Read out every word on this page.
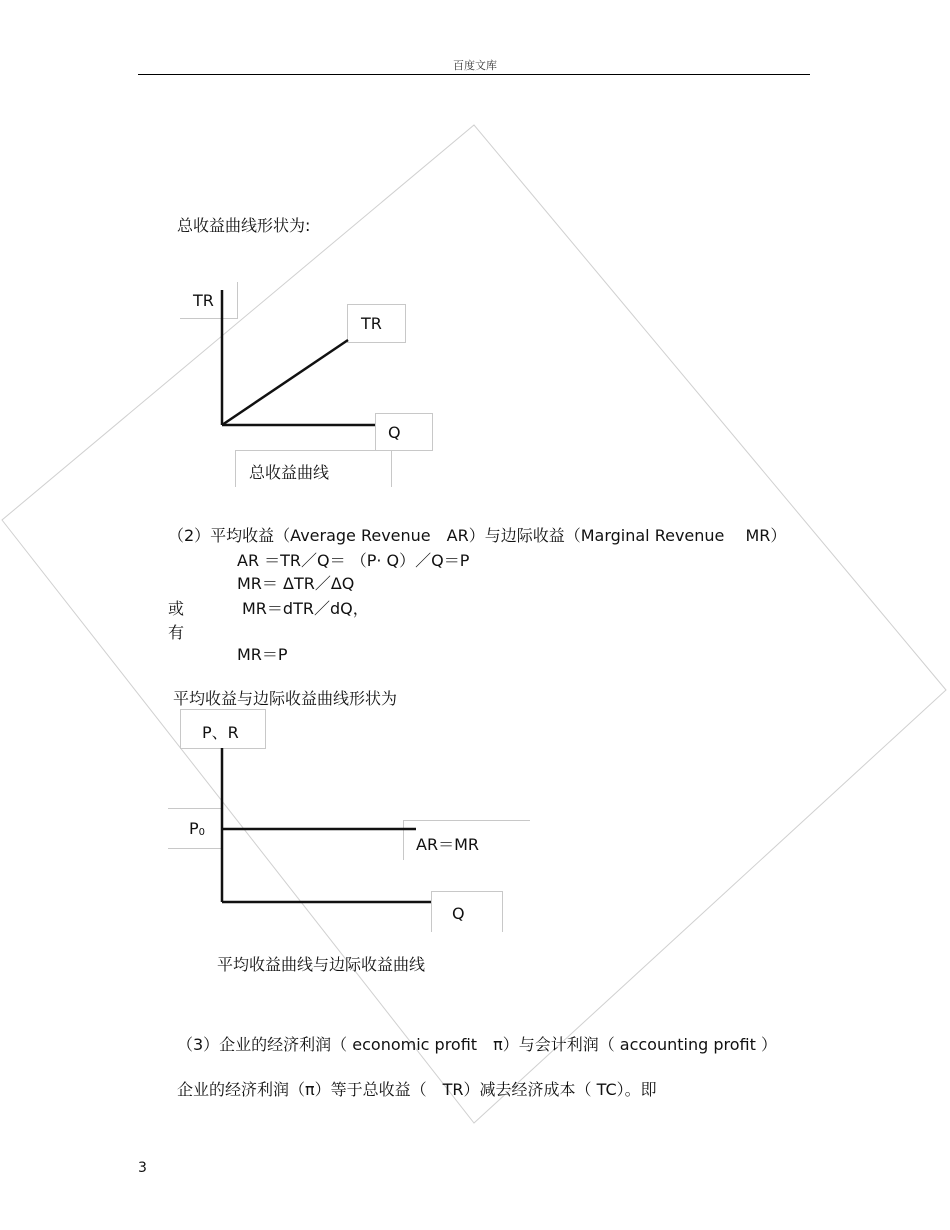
百度文库
总收益曲线形状为:
TR
TR
Q
总收益曲线
（2）平均收益（Average Revenue　AR）与边际收益（Marginal Revenue　 MR）
AR ＝TR／Q＝ （P· Q）／Q＝P
MR＝ ΔTR／ΔQ
或	MR＝dTR／dQ，
有
MR＝P
平均收益与边际收益曲线形状为
P、R
$P_0$
AR＝MR
Q
平均收益曲线与边际收益曲线
（3）企业的经济利润（ economic profit　π）与会计利润（ accounting profit ）
企业的经济利润（π）等于总收益（　TR）减去经济成本（ TC）。即
3
